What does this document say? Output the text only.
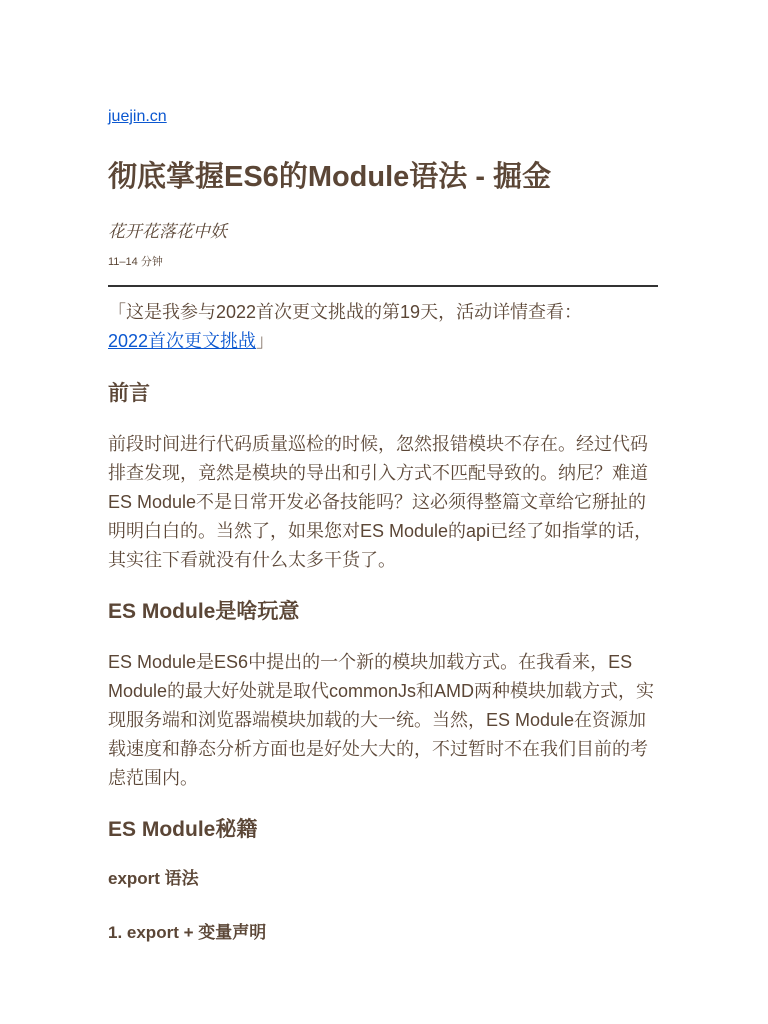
juejin.cn
彻底掌握ES6的Module语法 - 掘金
花开花落花中妖
11–14 分钟
「这是我参与2022首次更文挑战的第19天，活动详情查看：2022首次更文挑战」
前言

前段时间进行代码质量巡检的时候，忽然报错模块不存在。经过代码排查发现，竟然是模块的导出和引入方式不匹配导致的。纳尼？难道ES Module不是日常开发必备技能吗？这必须得整篇文章给它掰扯的明明白白的。当然了，如果您对ES Module的api已经了如指掌的话，其实往下看就没有什么太多干货了。

ES Module是啥玩意

ES Module是ES6中提出的一个新的模块加载方式。在我看来，ES Module的最大好处就是取代commonJs和AMD两种模块加载方式，实现服务端和浏览器端模块加载的大一统。当然，ES Module在资源加载速度和静态分析方面也是好处大大的，不过暂时不在我们目前的考虑范围内。

ES Module秘籍
export 语法
1. export + 变量声明
